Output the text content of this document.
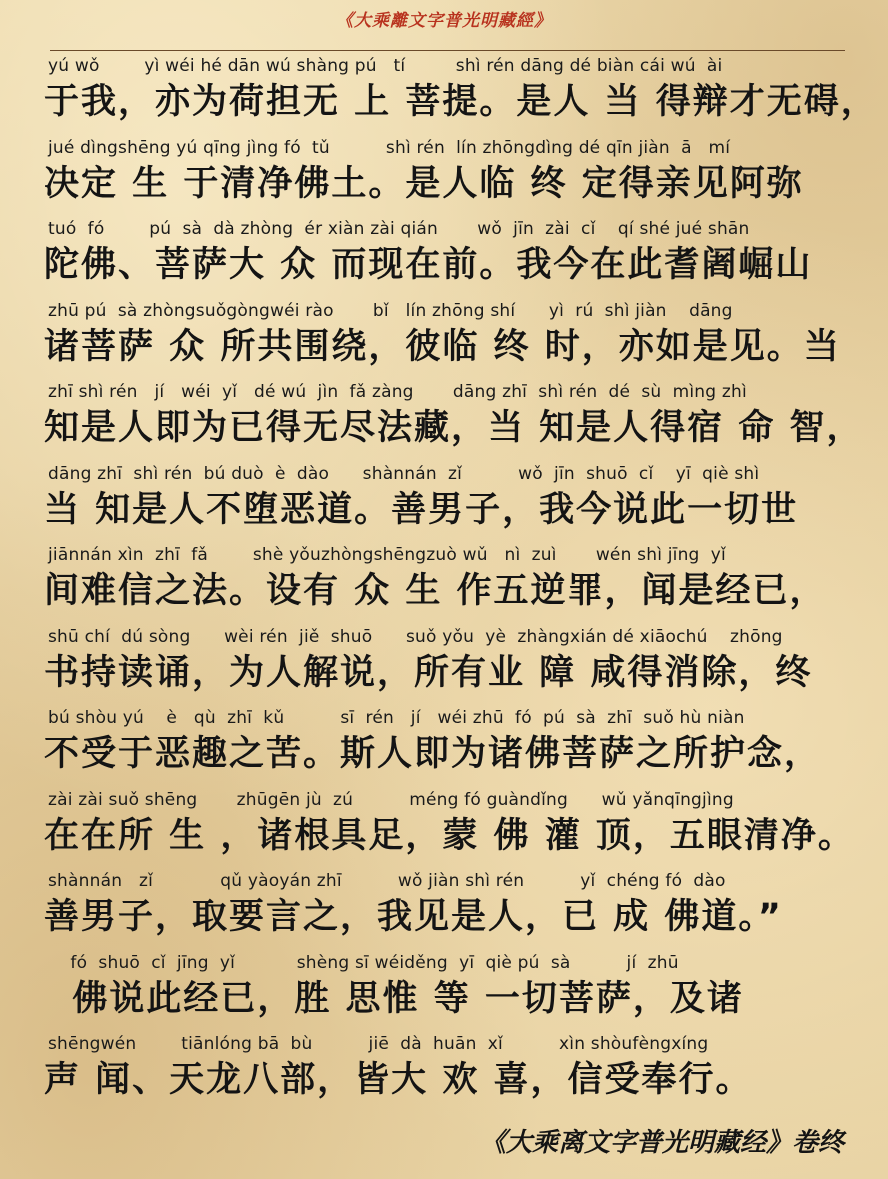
《大乘離文字普光明藏經》
yú wǒ        yì wéi hé dān wú shàng pú   tí         shì rén dāng dé biàn cái wú  ài
于我，亦为荷担无 上 菩提。是人 当 得辩才无碍，
jué dìngshēng yú qīng jìng fó  tǔ          shì rén  lín zhōngdìng dé qīn jiàn  ā   mí
决定 生 于清净佛土。是人临 终 定得亲见阿弥
tuó  fó        pú  sà  dà zhòng  ér xiàn zài qián       wǒ  jīn  zài  cǐ    qí shé jué shān
陀佛、菩萨大 众 而现在前。我今在此耆阇崛山
zhū pú  sà zhòngsuǒgòngwéi rào       bǐ   lín zhōng shí      yì  rú  shì jiàn    dāng
诸菩萨 众 所共围绕，彼临 终 时，亦如是见。当
zhī shì rén   jí   wéi  yǐ   dé wú  jìn  fǎ zàng       dāng zhī  shì rén  dé  sù  mìng zhì
知是人即为已得无尽法藏，当 知是人得宿 命 智，
dāng zhī  shì rén  bú duò  è  dào      shànnán  zǐ          wǒ  jīn  shuō  cǐ    yī  qiè shì
当 知是人不堕恶道。善男子，我今说此一切世
jiānnán xìn  zhī  fǎ        shè yǒuzhòngshēngzuò wǔ   nì  zuì       wén shì jīng  yǐ
间难信之法。设有 众 生 作五逆罪，闻是经已，
shū chí  dú sòng      wèi rén  jiě  shuō      suǒ yǒu  yè  zhàngxián dé xiāochú    zhōng
书持读诵，为人解说，所有业 障 咸得消除，终
bú shòu yú    è   qù  zhī  kǔ          sī  rén   jí   wéi zhū  fó  pú  sà  zhī  suǒ hù niàn
不受于恶趣之苦。斯人即为诸佛菩萨之所护念，
zài zài suǒ shēng       zhūgēn jù  zú          méng fó guàndǐng      wǔ yǎnqīngjìng
在在所 生 ，诸根具足，蒙 佛 灌 顶，五眼清净。
shànnán   zǐ            qǔ yàoyán zhī          wǒ jiàn shì rén          yǐ  chéng fó  dào
善男子，取要言之，我见是人，已 成 佛道。”
fó  shuō  cǐ  jīng  yǐ           shèng sī wéiděng  yī  qiè pú  sà          jí  zhū
佛说此经已，胜 思惟 等 一切菩萨，及诸
shēngwén        tiānlóng bā  bù          jiē  dà  huān  xǐ          xìn shòufèngxíng
声 闻、天龙八部，皆大 欢 喜，信受奉行。
《大乘离文字普光明藏经》卷终
